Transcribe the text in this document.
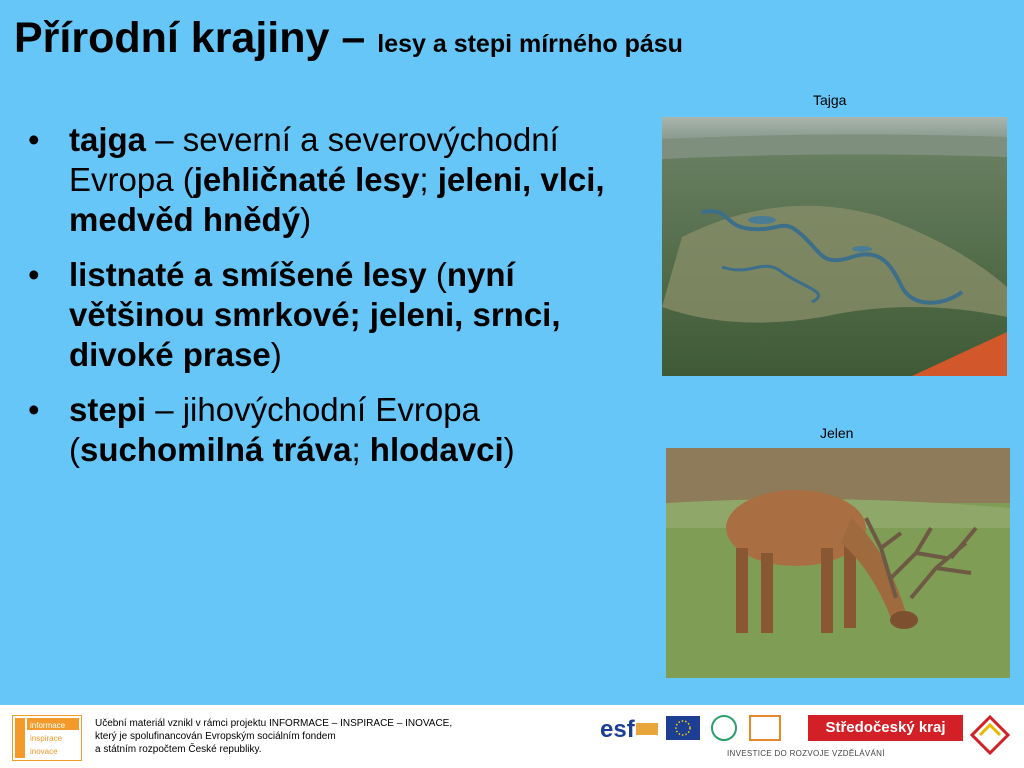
Přírodní krajiny – lesy a stepi mírného pásu
• tajga – severní a severovýchodní Evropa (jehličnaté lesy; jeleni, vlci, medvěd hnědý)
• listnaté a smíšené lesy (nyní většinou smrkové; jeleni, srnci, divoké prase)
• stepi – jihovýchodní Evropa (suchomilná tráva; hlodavci)
Tajga
Jelen
informace
inspirace
inovace
Učební materiál vznikl v rámci projektu INFORMACE – INSPIRACE – INOVACE,
který je spolufinancován Evropským sociálním fondem
a státním rozpočtem České republiky.
esf	Středočeský kraj
INVESTICE DO ROZVOJE VZDĚLÁVÁNÍ
